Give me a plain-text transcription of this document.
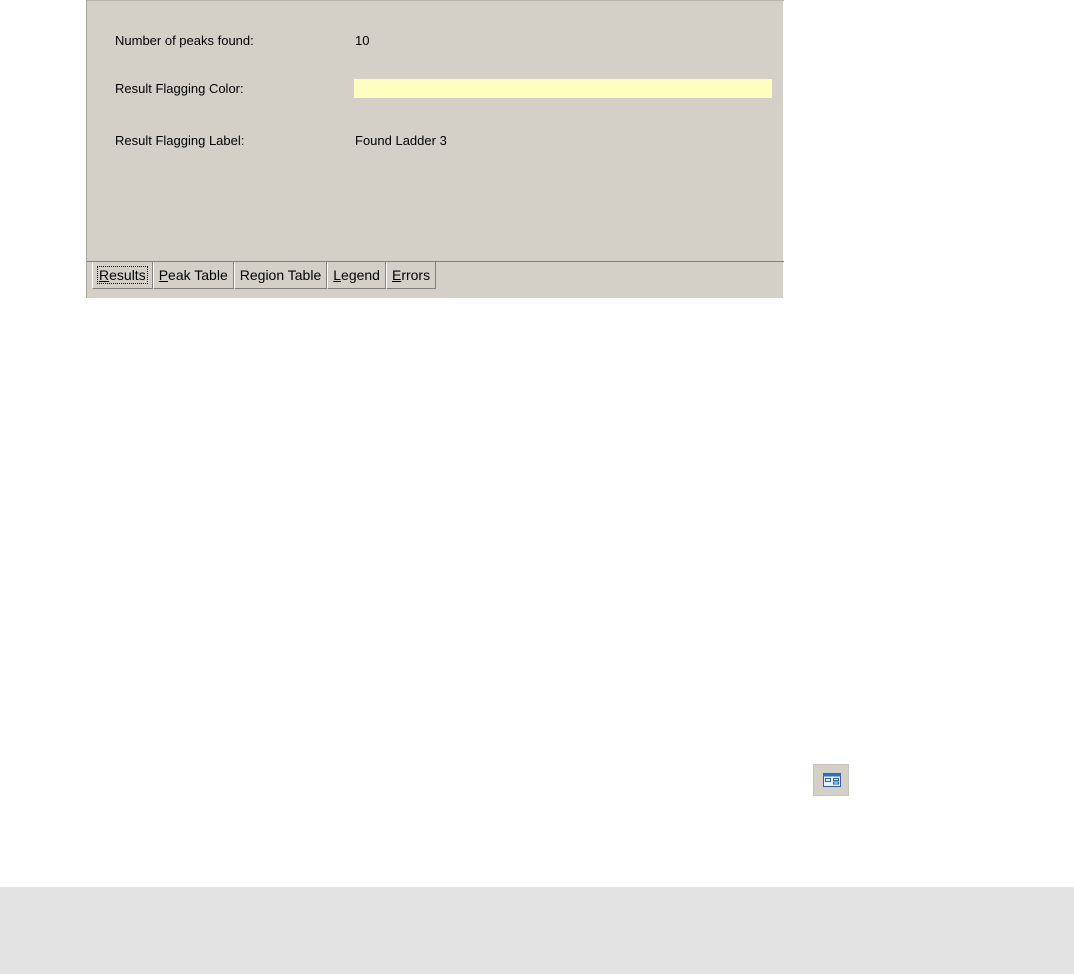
Number of peaks found:	10
Result Flagging Color:
Result Flagging Label:	Found Ladder 3
Results Peak Table Region Table Legend Errors
